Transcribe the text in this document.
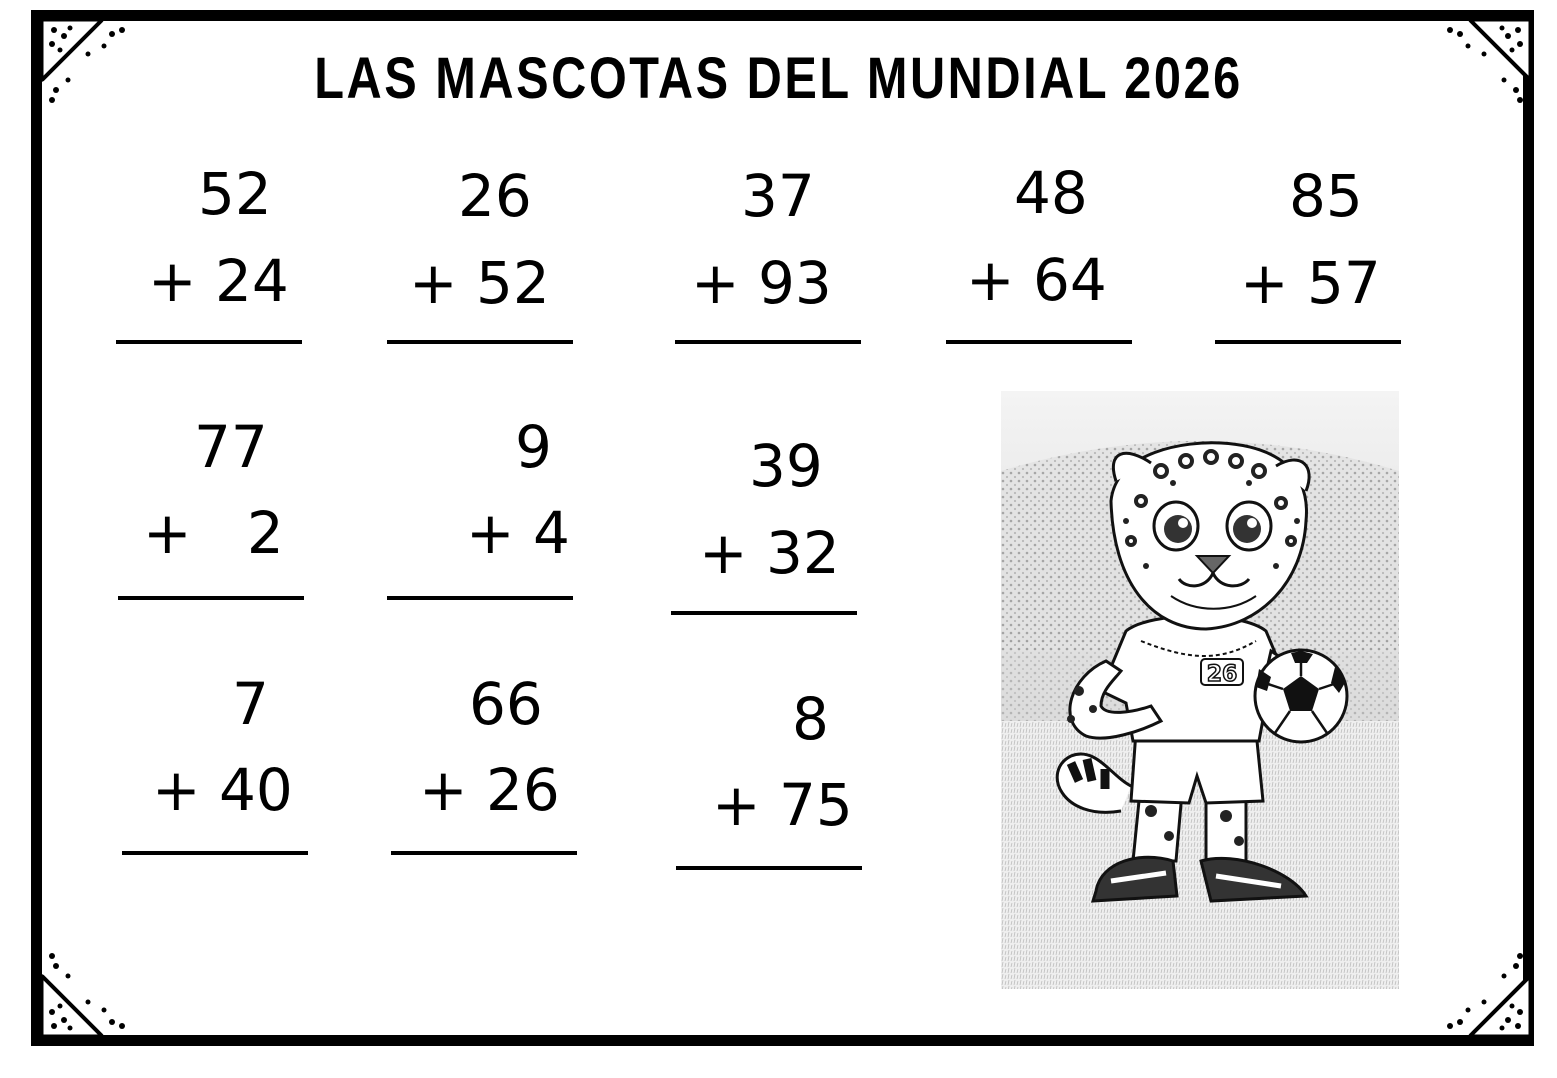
LAS MASCOTAS DEL MUNDIAL 2026
52
+ 24
26
+ 52
37
+ 93
48
+ 64
85
+ 57
77
+   2
9
+ 4
39
+ 32
7
+ 40
66
+ 26
8
+ 75
26
